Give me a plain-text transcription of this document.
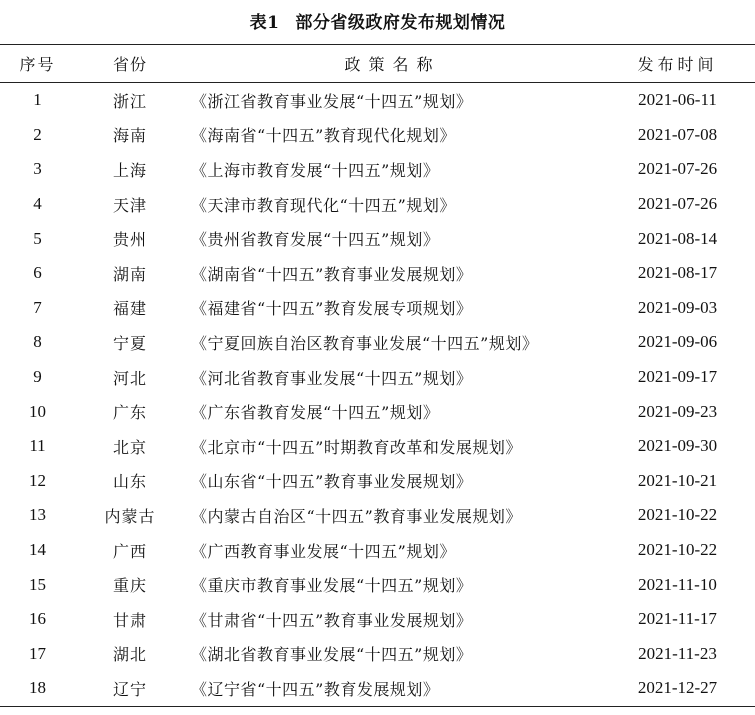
表1 部分省级政府发布规划情况
序号	省份	政策名称	发布时间
1	浙江	《浙江省教育事业发展“十四五”规划》	2021-06-11
2	海南	《海南省“十四五”教育现代化规划》	2021-07-08
3	上海	《上海市教育发展“十四五”规划》	2021-07-26
4	天津	《天津市教育现代化“十四五”规划》	2021-07-26
5	贵州	《贵州省教育发展“十四五”规划》	2021-08-14
6	湖南	《湖南省“十四五”教育事业发展规划》	2021-08-17
7	福建	《福建省“十四五”教育发展专项规划》	2021-09-03
8	宁夏	《宁夏回族自治区教育事业发展“十四五”规划》	2021-09-06
9	河北	《河北省教育事业发展“十四五”规划》	2021-09-17
10	广东	《广东省教育发展“十四五”规划》	2021-09-23
11	北京	《北京市“十四五”时期教育改革和发展规划》	2021-09-30
12	山东	《山东省“十四五”教育事业发展规划》	2021-10-21
13	内蒙古	《内蒙古自治区“十四五”教育事业发展规划》	2021-10-22
14	广西	《广西教育事业发展“十四五”规划》	2021-10-22
15	重庆	《重庆市教育事业发展“十四五”规划》	2021-11-10
16	甘肃	《甘肃省“十四五”教育事业发展规划》	2021-11-17
17	湖北	《湖北省教育事业发展“十四五”规划》	2021-11-23
18	辽宁	《辽宁省“十四五”教育发展规划》	2021-12-27
